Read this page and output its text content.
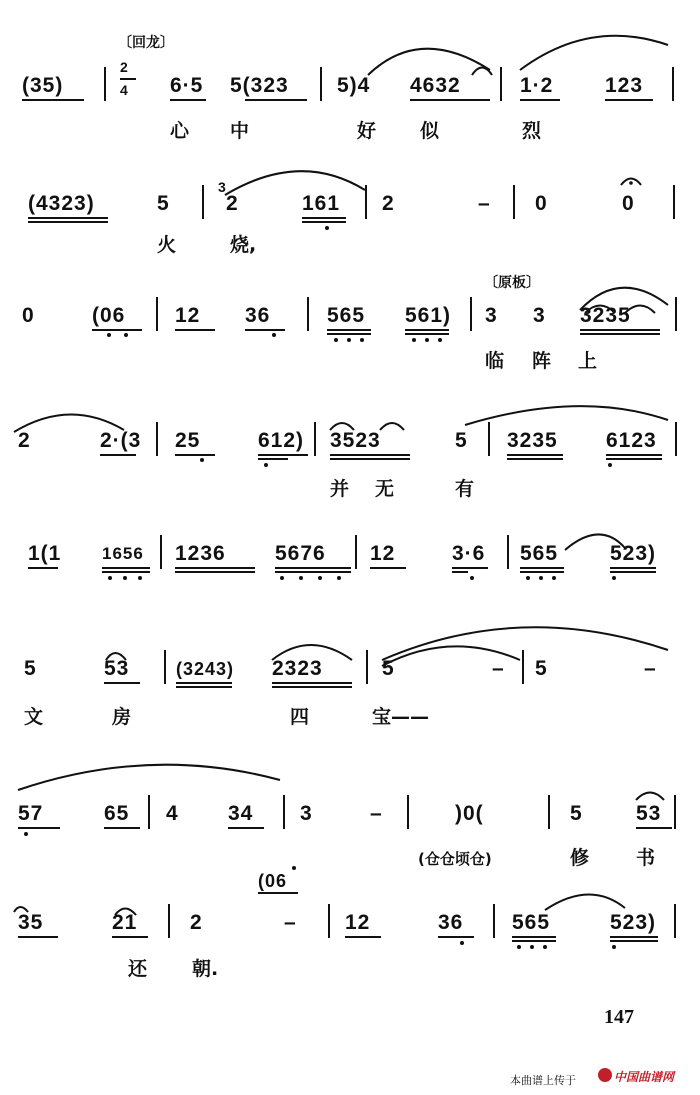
〔回龙〕
(35)
2
4 6·5 5(323 5)4 4632	1·2 123
心 中	好 似	烈
(4323)	5
3
2	161 2	– 0	0
火	烧,
〔原板〕
0	(06 12 36	565 561) 3 3 3235
临 阵 上
2	2·(3 25	612) 3523	5 3235 6123
并 无	有
1(1 1656 1236 5676 12	3·6 565 523)
5	53	(3243) 2323	5	– 5	–
文	房	四	宝——
57	65 4 34 3	–	)0(	5	53
(仓仓顷仓)	修 书
(06
35	21	2	– 12	36 565	523)
还 朝.
147
本曲谱上传于	中国曲谱网
